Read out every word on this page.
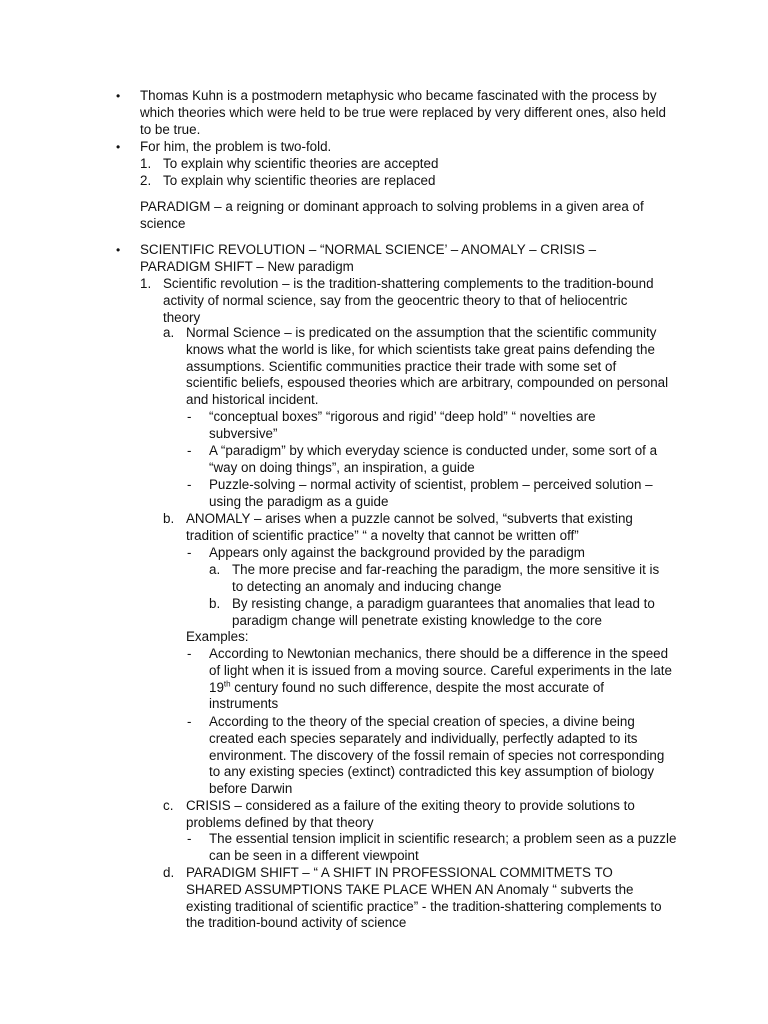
• Thomas Kuhn is a postmodern metaphysic who became fascinated with the process by which theories which were held to be true were replaced by very different ones, also held to be true.
• For him, the problem is two-fold.
1. To explain why scientific theories are accepted
2. To explain why scientific theories are replaced
PARADIGM – a reigning or dominant approach to solving problems in a given area of science
• SCIENTIFIC REVOLUTION – “NORMAL SCIENCE’ – ANOMALY – CRISIS – PARADIGM SHIFT – New paradigm
1. Scientific revolution – is the tradition-shattering complements to the tradition-bound activity of normal science, say from the geocentric theory to that of heliocentric theory
a. Normal Science – is predicated on the assumption that the scientific community knows what the world is like, for which scientists take great pains defending the assumptions. Scientific communities practice their trade with some set of scientific beliefs, espoused theories which are arbitrary, compounded on personal and historical incident.
- “conceptual boxes” “rigorous and rigid’ “deep hold” “ novelties are subversive”
- A “paradigm” by which everyday science is conducted under, some sort of a “way on doing things”, an inspiration, a guide
- Puzzle-solving – normal activity of scientist, problem – perceived solution – using the paradigm as a guide
b. ANOMALY – arises when a puzzle cannot be solved, “subverts that existing tradition of scientific practice” “ a novelty that cannot be written off”
- Appears only against the background provided by the paradigm
a. The more precise and far-reaching the paradigm, the more sensitive it is to detecting an anomaly and inducing change
b. By resisting change, a paradigm guarantees that anomalies that lead to paradigm change will penetrate existing knowledge to the core
Examples:
- According to Newtonian mechanics, there should be a difference in the speed of light when it is issued from a moving source. Careful experiments in the late 19th century found no such difference, despite the most accurate of instruments
- According to the theory of the special creation of species, a divine being created each species separately and individually, perfectly adapted to its environment. The discovery of the fossil remain of species not corresponding to any existing species (extinct) contradicted this key assumption of biology before Darwin
c. CRISIS – considered as a failure of the exiting theory to provide solutions to problems defined by that theory
- The essential tension implicit in scientific research; a problem seen as a puzzle can be seen in a different viewpoint
d. PARADIGM SHIFT – “ A SHIFT IN PROFESSIONAL COMMITMETS TO SHARED ASSUMPTIONS TAKE PLACE WHEN AN Anomaly “ subverts the existing traditional of scientific practice” - the tradition-shattering complements to the tradition-bound activity of science
